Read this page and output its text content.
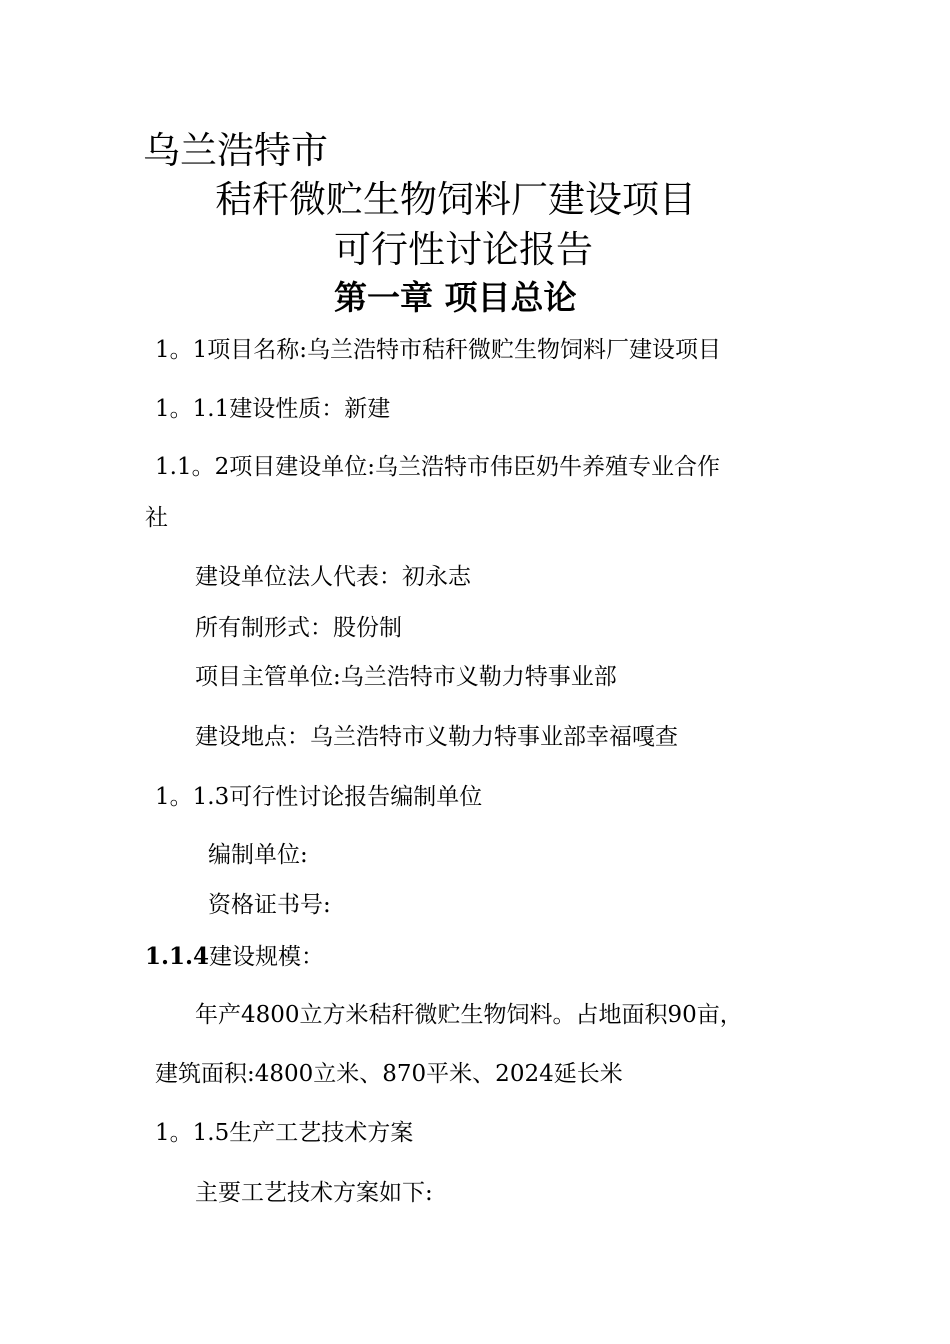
乌兰浩特市
秸秆微贮生物饲料厂建设项目
可行性讨论报告
第一章 项目总论
1。1项目名称:乌兰浩特市秸秆微贮生物饲料厂建设项目
1。1.1建设性质：新建
1.1。2项目建设单位:乌兰浩特市伟臣奶牛养殖专业合作
社
建设单位法人代表：初永志
所有制形式：股份制
项目主管单位:乌兰浩特市义勒力特事业部
建设地点：乌兰浩特市义勒力特事业部幸福嘎查
1。1.3可行性讨论报告编制单位
编制单位:
资格证书号:
1.1.4建设规模：
年产4800立方米秸秆微贮生物饲料。占地面积90亩，
建筑面积:4800立米、870平米、2024延长米
1。1.5生产工艺技术方案
主要工艺技术方案如下:
